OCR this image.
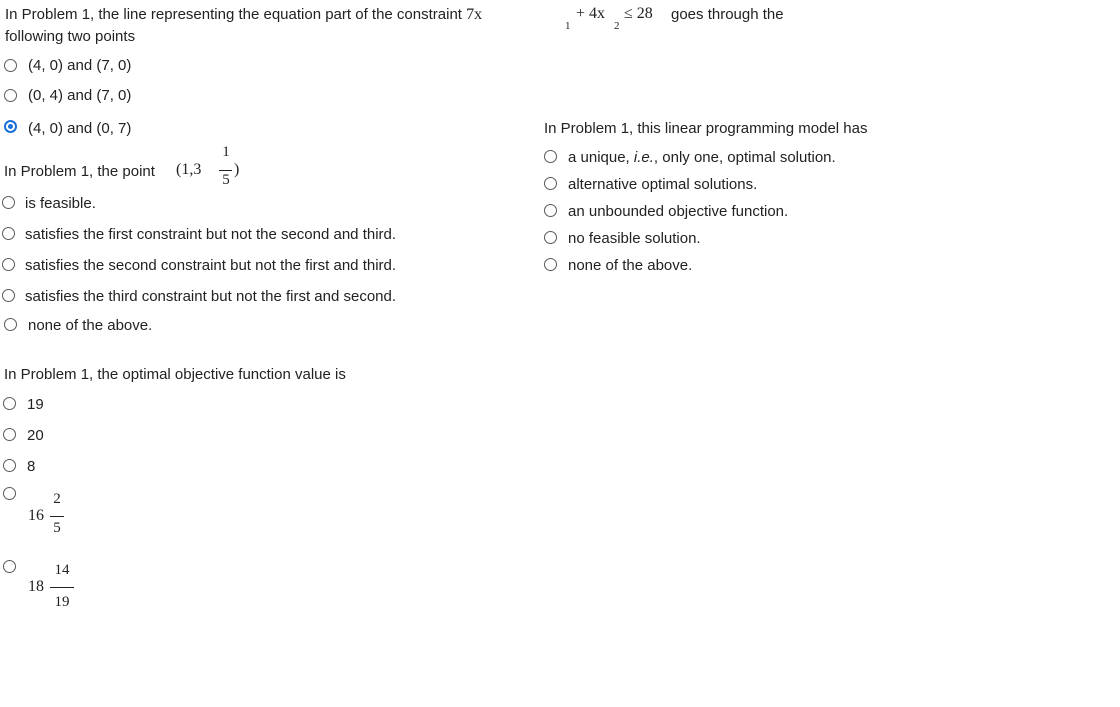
In Problem 1, the line representing the equation part of the constraint 7x
1
+ 4x
2
≤ 28 goes through the
following two points
(4, 0) and (7, 0)
(0, 4) and (7, 0)
(4, 0) and (0, 7)
In Problem 1, the point (1,3
1
5
)
is feasible.
satisfies the first constraint but not the second and third.
satisfies the second constraint but not the first and third.
satisfies the third constraint but not the first and second.
none of the above.
In Problem 1, the optimal objective function value is
19
20
8
16
2
5
18
14
19
In Problem 1, this linear programming model has
a unique, i.e., only one, optimal solution.
alternative optimal solutions.
an unbounded objective function.
no feasible solution.
none of the above.
